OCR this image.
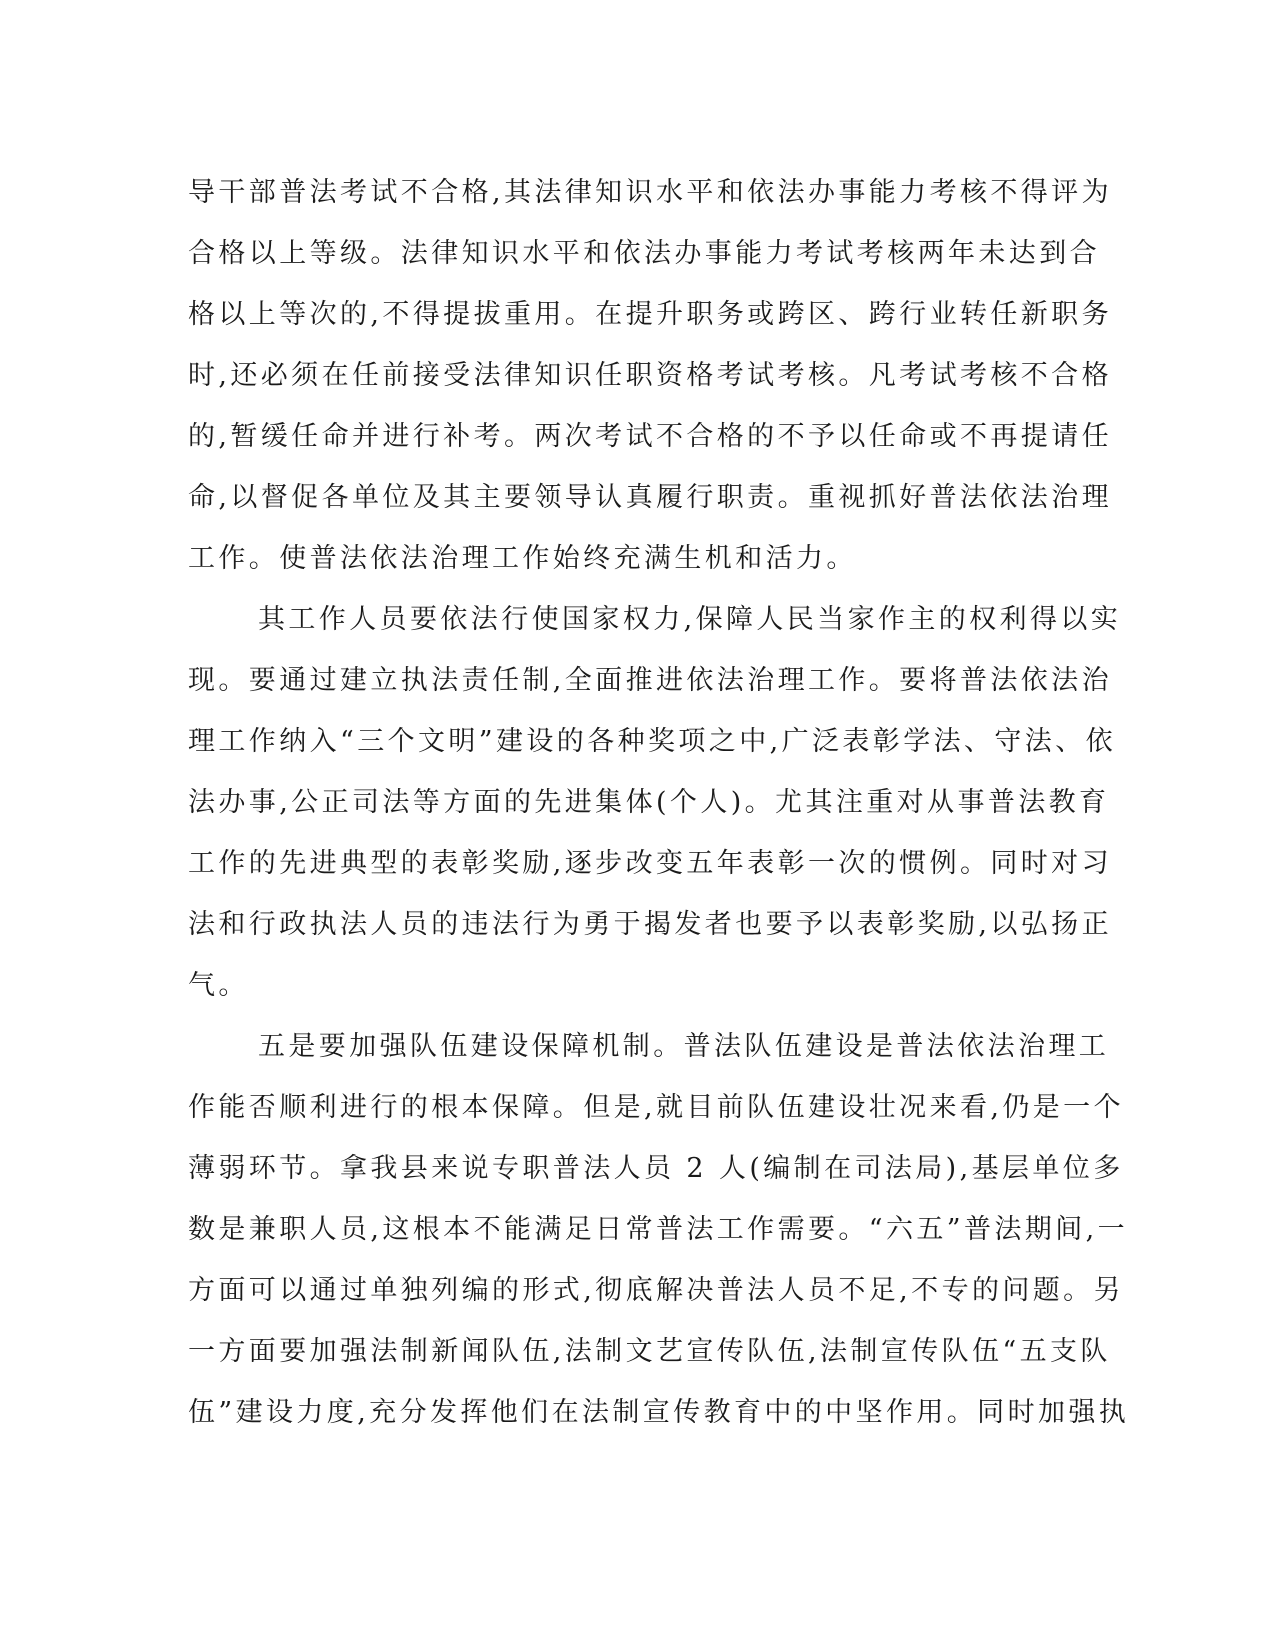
导干部普法考试不合格,其法律知识水平和依法办事能力考核不得评为
合格以上等级。法律知识水平和依法办事能力考试考核两年未达到合
格以上等次的,不得提拔重用。在提升职务或跨区、跨行业转任新职务
时,还必须在任前接受法律知识任职资格考试考核。凡考试考核不合格
的,暂缓任命并进行补考。两次考试不合格的不予以任命或不再提请任
命,以督促各单位及其主要领导认真履行职责。重视抓好普法依法治理
工作。使普法依法治理工作始终充满生机和活力。
其工作人员要依法行使国家权力,保障人民当家作主的权利得以实
现。要通过建立执法责任制,全面推进依法治理工作。要将普法依法治
理工作纳入“三个文明”建设的各种奖项之中,广泛表彰学法、守法、依
法办事,公正司法等方面的先进集体(个人)。尤其注重对从事普法教育
工作的先进典型的表彰奖励,逐步改变五年表彰一次的惯例。同时对习
法和行政执法人员的违法行为勇于揭发者也要予以表彰奖励,以弘扬正
气。
五是要加强队伍建设保障机制。普法队伍建设是普法依法治理工
作能否顺利进行的根本保障。但是,就目前队伍建设壮况来看,仍是一个
薄弱环节。拿我县来说专职普法人员 2 人(编制在司法局),基层单位多
数是兼职人员,这根本不能满足日常普法工作需要。“六五”普法期间,一
方面可以通过单独列编的形式,彻底解决普法人员不足,不专的问题。另
一方面要加强法制新闻队伍,法制文艺宣传队伍,法制宣传队伍“五支队
伍”建设力度,充分发挥他们在法制宣传教育中的中坚作用。同时加强执
